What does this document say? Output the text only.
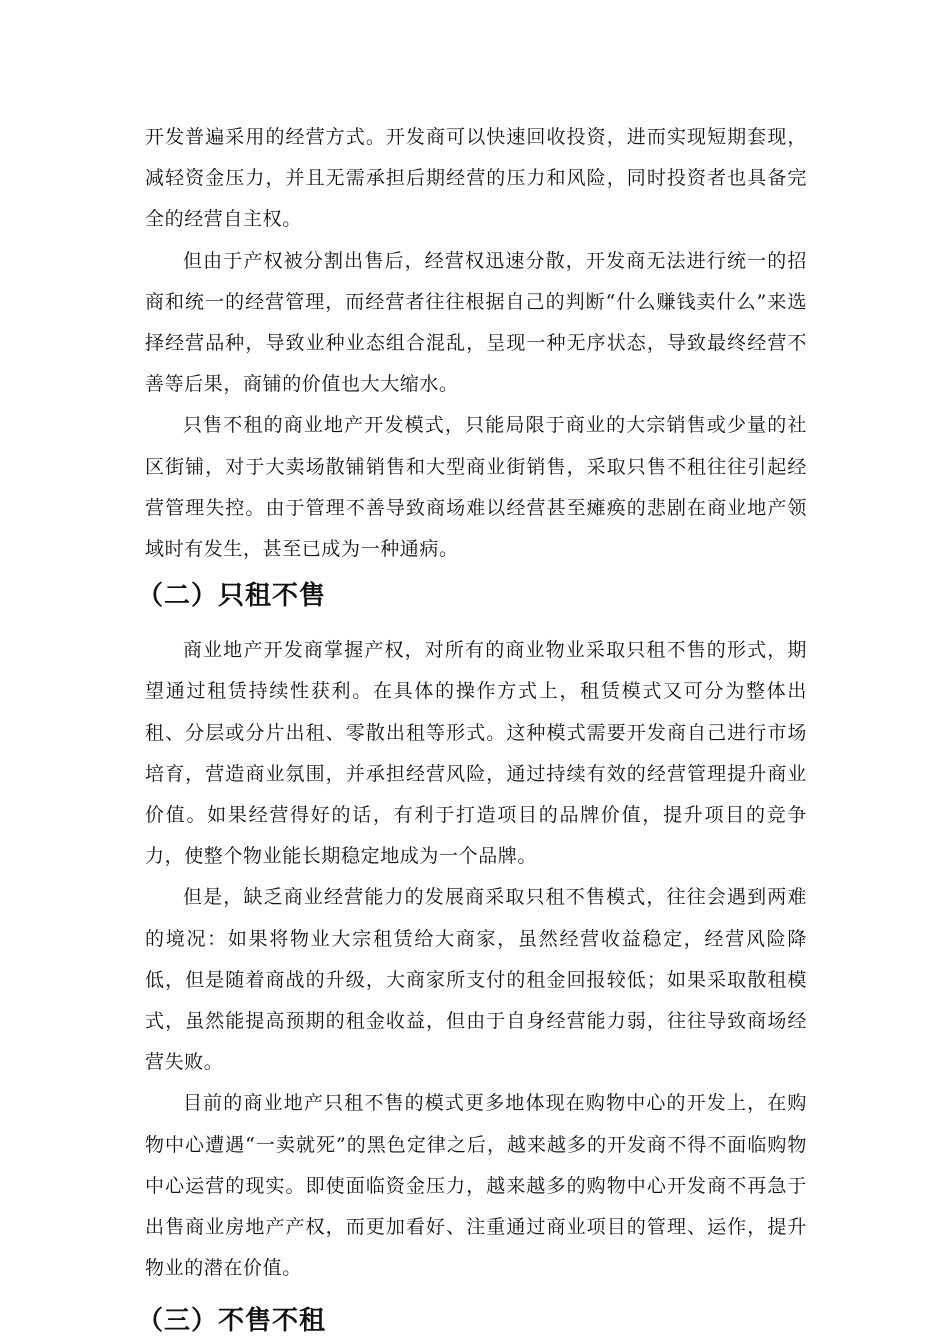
开发普遍采用的经营方式。开发商可以快速回收投资，进而实现短期套现，减轻资金压力，并且无需承担后期经营的压力和风险，同时投资者也具备完全的经营自主权。

但由于产权被分割出售后，经营权迅速分散，开发商无法进行统一的招商和统一的经营管理，而经营者往往根据自己的判断“什么赚钱卖什么”来选择经营品种，导致业种业态组合混乱，呈现一种无序状态，导致最终经营不善等后果，商铺的价值也大大缩水。

只售不租的商业地产开发模式，只能局限于商业的大宗销售或少量的社区街铺，对于大卖场散铺销售和大型商业街销售，采取只售不租往往引起经营管理失控。由于管理不善导致商场难以经营甚至瘫痪的悲剧在商业地产领域时有发生，甚至已成为一种通病。

（二）只租不售

商业地产开发商掌握产权，对所有的商业物业采取只租不售的形式，期望通过租赁持续性获利。在具体的操作方式上，租赁模式又可分为整体出租、分层或分片出租、零散出租等形式。这种模式需要开发商自己进行市场培育，营造商业氛围，并承担经营风险，通过持续有效的经营管理提升商业价值。如果经营得好的话，有利于打造项目的品牌价值，提升项目的竞争力，使整个物业能长期稳定地成为一个品牌。

但是，缺乏商业经营能力的发展商采取只租不售模式，往往会遇到两难的境况：如果将物业大宗租赁给大商家，虽然经营收益稳定，经营风险降低，但是随着商战的升级，大商家所支付的租金回报较低；如果采取散租模式，虽然能提高预期的租金收益，但由于自身经营能力弱，往往导致商场经营失败。

目前的商业地产只租不售的模式更多地体现在购物中心的开发上，在购物中心遭遇“一卖就死”的黑色定律之后，越来越多的开发商不得不面临购物中心运营的现实。即使面临资金压力，越来越多的购物中心开发商不再急于出售商业房地产产权，而更加看好、注重通过商业项目的管理、运作，提升物业的潜在价值。

（三）不售不租
